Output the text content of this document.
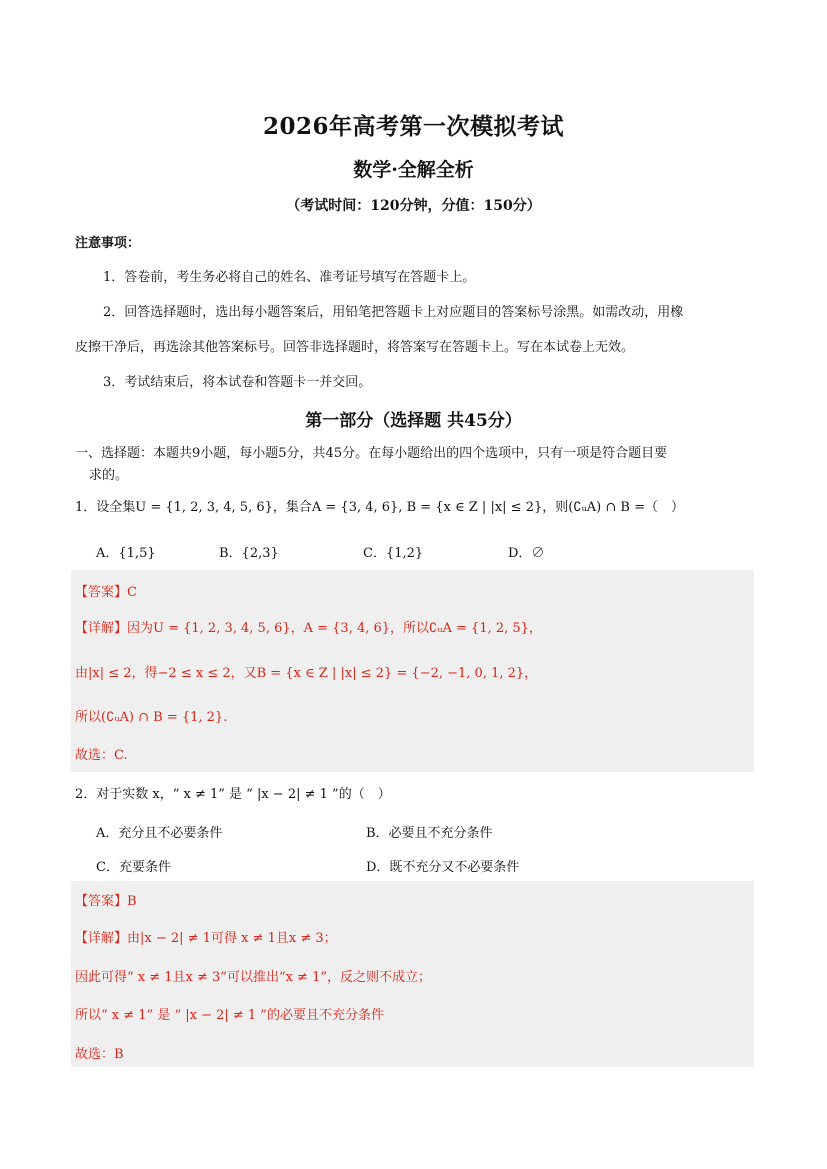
2026年高考第一次模拟考试
数学·全解全析
（考试时间：120分钟，分值：150分）
注意事项：
1．答卷前，考生务必将自己的姓名、准考证号填写在答题卡上。
2．回答选择题时，选出每小题答案后，用铅笔把答题卡上对应题目的答案标号涂黑。如需改动，用橡
皮擦干净后，再选涂其他答案标号。回答非选择题时，将答案写在答题卡上。写在本试卷上无效。
3．考试结束后，将本试卷和答题卡一并交回。
第一部分（选择题 共45分）
一、选择题：本题共9小题，每小题5分，共45分。在每小题给出的四个选项中，只有一项是符合题目要
求的。
1．设全集U = {1, 2, 3, 4, 5, 6}，集合A = {3, 4, 6}, B = {x ∈ Z | |x| ≤ 2}，则(∁ᵤA) ∩ B =（　）
A．{1,5}	B．{2,3}	C．{1,2}	D．∅
【答案】C
【详解】因为U = {1, 2, 3, 4, 5, 6}，A = {3, 4, 6}，所以∁ᵤA = {1, 2, 5}，
由|x| ≤ 2，得−2 ≤ x ≤ 2，又B = {x ∈ Z | |x| ≤ 2} = {−2, −1, 0, 1, 2}，
所以(∁ᵤA) ∩ B = {1, 2}.
故选：C.
2．对于实数 x，“ x ≠ 1” 是 “ |x − 2| ≠ 1 ”的（　）
A．充分且不必要条件	B．必要且不充分条件
C．充要条件	D．既不充分又不必要条件
【答案】B
【详解】由|x − 2| ≠ 1可得 x ≠ 1且x ≠ 3；
因此可得“ x ≠ 1且x ≠ 3”可以推出“x ≠ 1”，反之则不成立；
所以“ x ≠ 1” 是 “ |x − 2| ≠ 1 ”的必要且不充分条件
故选：B
